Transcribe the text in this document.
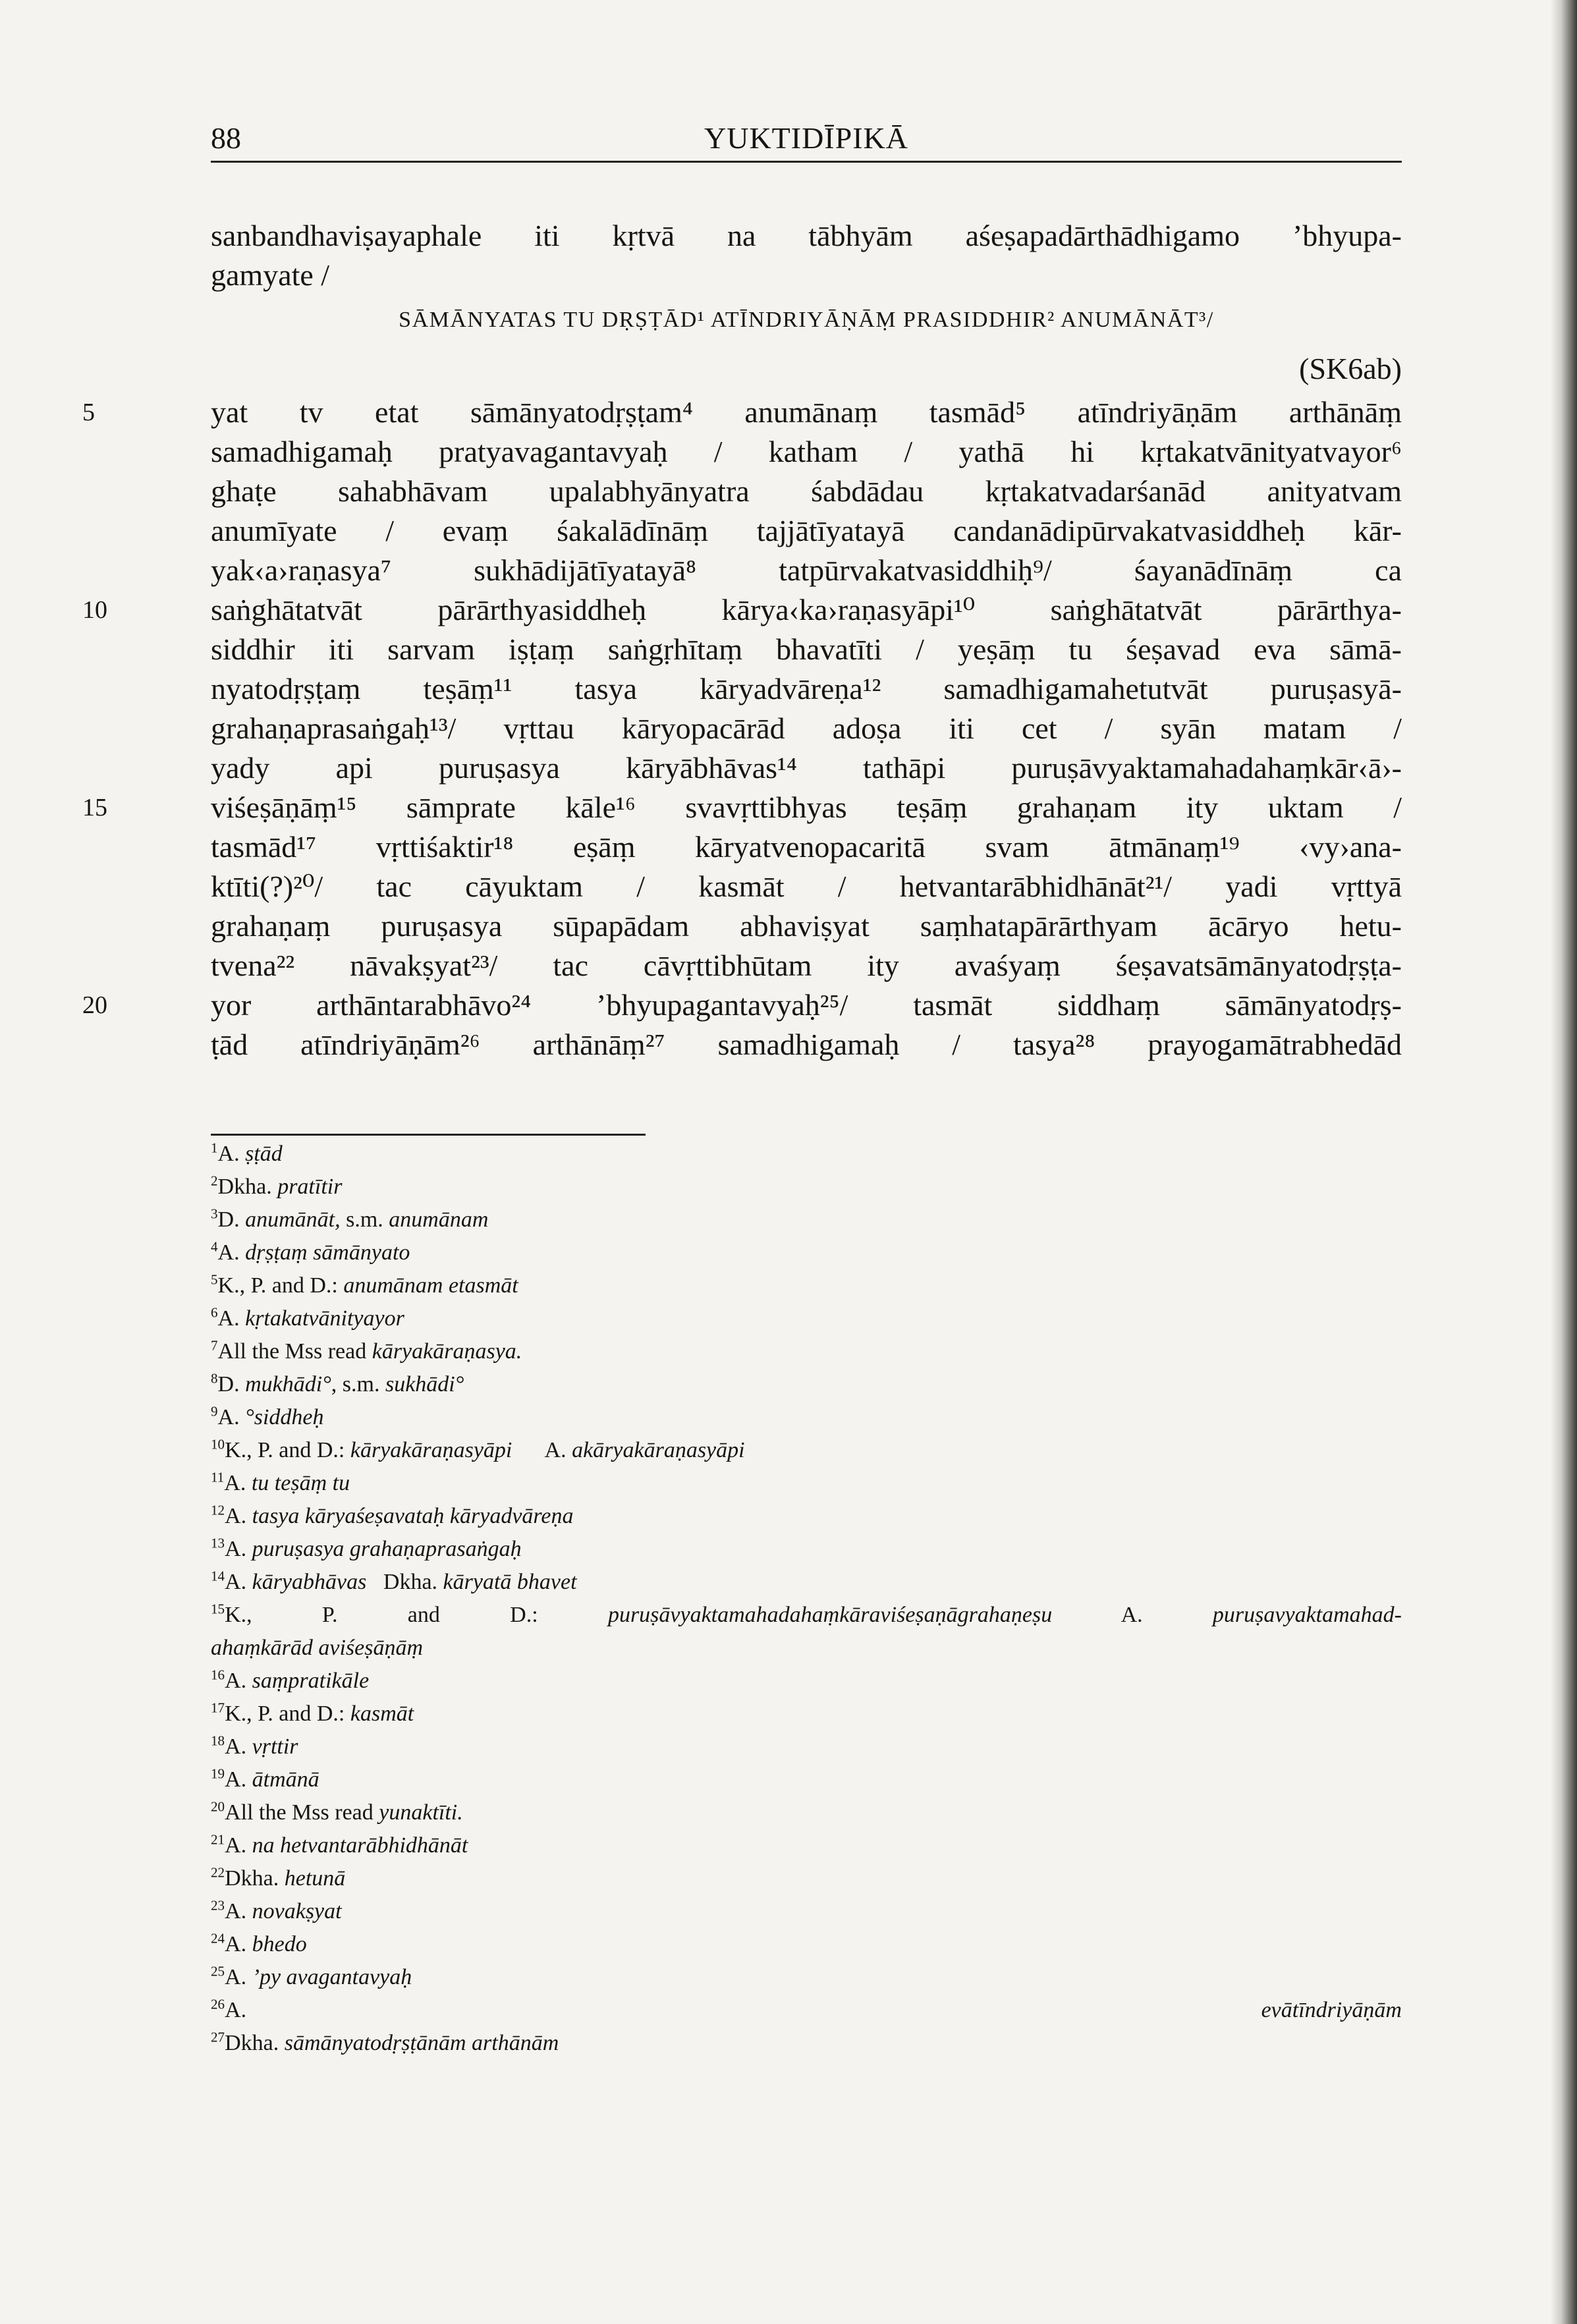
88	YUKTIDĪPIKĀ
sanbandhaviṣayaphale iti kṛtvā na tābhyām aśeṣapadārthādhigamo ’bhyupa-
gamyate /
SĀMĀNYATAS TU DṚṢṬĀD¹ ATĪNDRIYĀṆĀṂ PRASIDDHIR² ANUMĀNĀT³/
(SK6ab)
5	yat tv etat sāmānyatodṛṣṭam⁴ anumānaṃ tasmād⁵ atīndriyāṇām arthānāṃ
samadhigamaḥ pratyavagantavyaḥ / katham / yathā hi kṛtakatvānityatvayor⁶
ghaṭe sahabhāvam upalabhyānyatra śabdādau kṛtakatvadarśanād anityatvam
anumīyate / evaṃ śakalādīnāṃ tajjātīyatayā candanādipūrvakatvasiddheḥ kār-
yak‹a›raṇasya⁷ sukhādijātīyatayā⁸ tatpūrvakatvasiddhiḥ⁹/ śayanādīnāṃ ca
10	saṅghātatvāt pārārthyasiddheḥ kārya‹ka›raṇasyāpi¹⁰ saṅghātatvāt pārārthya-
siddhir iti sarvam iṣṭaṃ saṅgṛhītaṃ bhavatīti / yeṣāṃ tu śeṣavad eva sāmā-
nyatodṛṣṭaṃ teṣāṃ¹¹ tasya kāryadvāreṇa¹² samadhigamahetutvāt puruṣasyā-
grahaṇaprasaṅgaḥ¹³/ vṛttau kāryopacārād adoṣa iti cet / syān matam /
yady api puruṣasya kāryābhāvas¹⁴ tathāpi puruṣāvyaktamahadahaṃkār‹ā›-
15	viśeṣāṇāṃ¹⁵ sāmprate kāle¹⁶ svavṛttibhyas teṣāṃ grahaṇam ity uktam /
tasmād¹⁷ vṛttiśaktir¹⁸ eṣāṃ kāryatvenopacaritā svam ātmānaṃ¹⁹ ‹vy›ana-
ktīti(?)²⁰/ tac cāyuktam / kasmāt / hetvantarābhidhānāt²¹/ yadi vṛttyā
grahaṇaṃ puruṣasya sūpapādam abhaviṣyat saṃhatapārārthyam ācāryo hetu-
tvena²² nāvakṣyat²³/ tac cāvṛttibhūtam ity avaśyaṃ śeṣavatsāmānyatodṛṣṭa-
20	yor arthāntarabhāvo²⁴ ’bhyupagantavyaḥ²⁵/ tasmāt siddhaṃ sāmānyatodṛṣ-
ṭād atīndriyāṇām²⁶ arthānāṃ²⁷ samadhigamaḥ / tasya²⁸ prayogamātrabhedād
$^1$A. ṣṭād
$^2$Dkha. pratītir
$^3$D. anumānāt, s.m. anumānam
$^4$A. dṛṣṭaṃ sāmānyato
$^5$K., P. and D.: anumānam etasmāt
$^6$A. kṛtakatvānityayor
$^7$All the Mss read kāryakāraṇasya.
$^8$D. mukhādi°, s.m. sukhādi°
$^9$A. °siddheḥ
$^{10}$K., P. and D.: kāryakāraṇasyāpi      A. akāryakāraṇasyāpi
$^{11}$A. tu teṣāṃ tu
$^{12}$A. tasya kāryaśeṣavataḥ kāryadvāreṇa
$^{13}$A. puruṣasya grahaṇaprasaṅgaḥ
$^{14}$A. kāryabhāvas   Dkha. kāryatā bhavet
$^{15}$K., P. and D.: puruṣāvyaktamahadahaṃkāraviśeṣaṇāgrahaṇeṣu A. puruṣavyaktamahad-
ahaṃkārād aviśeṣāṇāṃ
$^{16}$A. saṃpratikāle
$^{17}$K., P. and D.: kasmāt
$^{18}$A. vṛttir
$^{19}$A. ātmānā
$^{20}$All the Mss read yunaktīti.
$^{21}$A. na hetvantarābhidhānāt
$^{22}$Dkha. hetunā
$^{23}$A. novakṣyat
$^{24}$A. bhedo
$^{25}$A. ’py avagantavyaḥ
$^{26}$A. evātīndriyāṇām
$^{27}$Dkha. sāmānyatodṛṣṭānām arthānām
